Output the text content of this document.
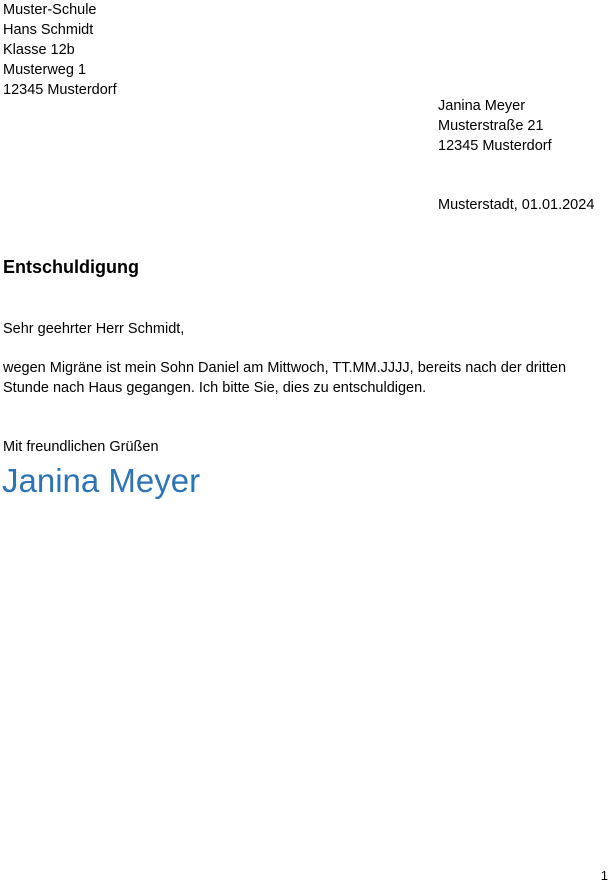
Muster-Schule
Hans Schmidt
Klasse 12b
Musterweg 1
12345 Musterdorf
Janina Meyer
Musterstraße 21
12345 Musterdorf
Musterstadt, 01.01.2024
Entschuldigung
Sehr geehrter Herr Schmidt,
wegen Migräne ist mein Sohn Daniel am Mittwoch, TT.MM.JJJJ, bereits nach der dritten
Stunde nach Haus gegangen. Ich bitte Sie, dies zu entschuldigen.
Mit freundlichen Grüßen
Janina Meyer
1
